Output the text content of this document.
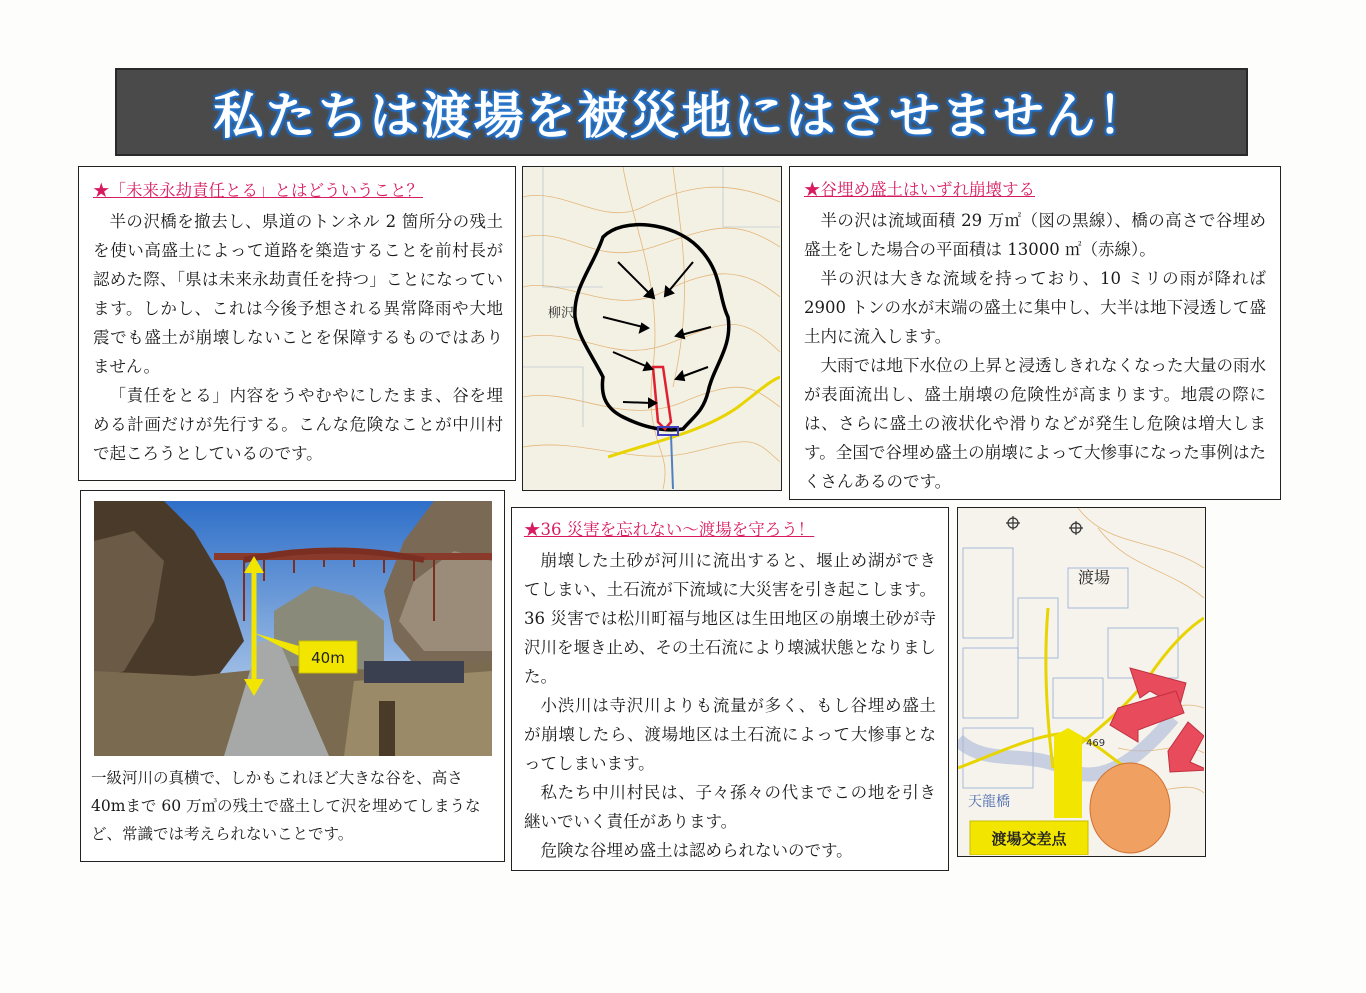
私たちは渡場を被災地にはさせません！

★「未来永劫責任とる」とはどういうこと？

半の沢橋を撤去し、県道のトンネル 2 箇所分の残土を使い高盛土によって道路を築造することを前村長が認めた際、「県は未来永劫責任を持つ」ことになっています。しかし、これは今後予想される異常降雨や大地震でも盛土が崩壊しないことを保障するものではありません。

「責任をとる」内容をうやむやにしたまま、谷を埋める計画だけが先行する。こんな危険なことが中川村で起ころうとしているのです。

柳沢

★谷埋め盛土はいずれ崩壊する

半の沢は流域面積 29 万㎡（図の黒線）、橋の高さで谷埋め盛土をした場合の平面積は 13000 ㎡（赤線）。

半の沢は大きな流域を持っており、10 ミリの雨が降れば 2900 トンの水が末端の盛土に集中し、大半は地下浸透して盛土内に流入します。

大雨では地下水位の上昇と浸透しきれなくなった大量の雨水が表面流出し、盛土崩壊の危険性が高まります。地震の際には、さらに盛土の液状化や滑りなどが発生し危険は増大します。全国で谷埋め盛土の崩壊によって大惨事になった事例はたくさんあるのです。

40m

一級河川の真横で、しかもこれほど大きな谷を、高さ 40mまで 60 万㎥の残土で盛土して沢を埋めてしまうなど、常識では考えられないことです。

★36 災害を忘れない～渡場を守ろう！

崩壊した土砂が河川に流出すると、堰止め湖ができてしまい、土石流が下流域に大災害を引き起こします。36 災害では松川町福与地区は生田地区の崩壊土砂が寺沢川を堰き止め、その土石流により壊滅状態となりました。

小渋川は寺沢川よりも流量が多く、もし谷埋め盛土が崩壊したら、渡場地区は土石流によって大惨事となってしまいます。

私たち中川村民は、子々孫々の代までこの地を引き継いでいく責任があります。

危険な谷埋め盛土は認められないのです。

渡場交差点
渡場
天龍橋
469
